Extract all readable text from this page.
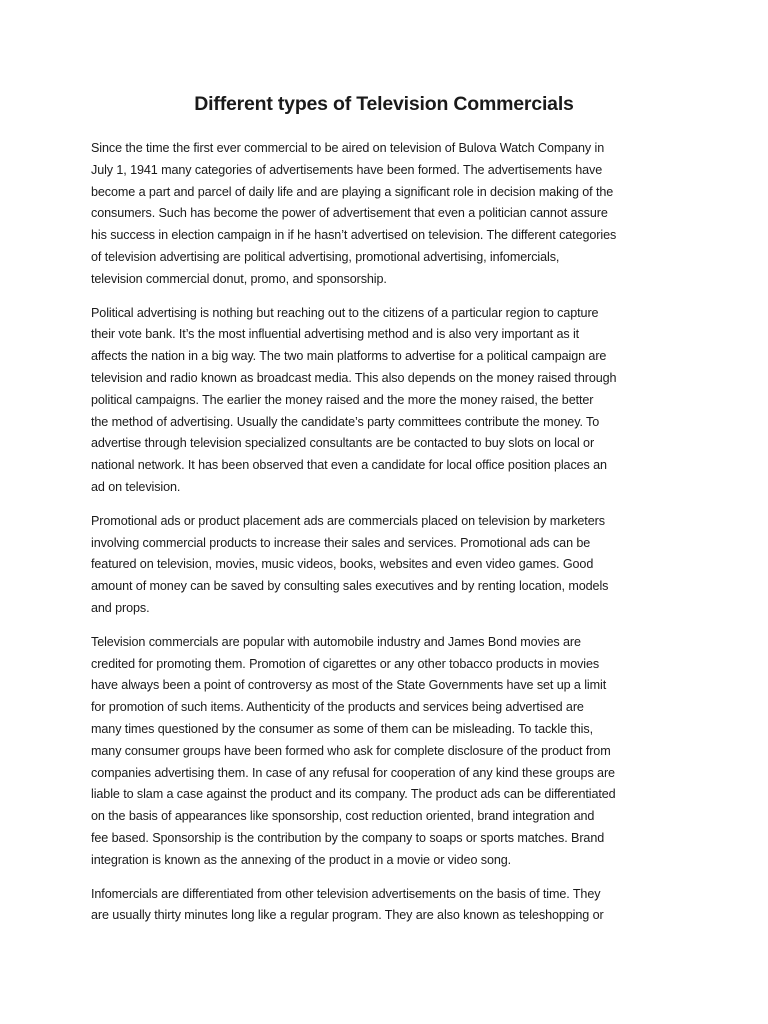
Different types of Television Commercials

Since the time the first ever commercial to be aired on television of Bulova Watch Company in
July 1, 1941 many categories of advertisements have been formed. The advertisements have
become a part and parcel of daily life and are playing a significant role in decision making of the
consumers. Such has become the power of advertisement that even a politician cannot assure
his success in election campaign in if he hasn’t advertised on television. The different categories
of television advertising are political advertising, promotional advertising, infomercials,
television commercial donut, promo, and sponsorship.

Political advertising is nothing but reaching out to the citizens of a particular region to capture
their vote bank. It’s the most influential advertising method and is also very important as it
affects the nation in a big way. The two main platforms to advertise for a political campaign are
television and radio known as broadcast media. This also depends on the money raised through
political campaigns. The earlier the money raised and the more the money raised, the better
the method of advertising. Usually the candidate’s party committees contribute the money. To
advertise through television specialized consultants are be contacted to buy slots on local or
national network. It has been observed that even a candidate for local office position places an
ad on television.

Promotional ads or product placement ads are commercials placed on television by marketers
involving commercial products to increase their sales and services. Promotional ads can be
featured on television, movies, music videos, books, websites and even video games. Good
amount of money can be saved by consulting sales executives and by renting location, models
and props.

Television commercials are popular with automobile industry and James Bond movies are
credited for promoting them. Promotion of cigarettes or any other tobacco products in movies
have always been a point of controversy as most of the State Governments have set up a limit
for promotion of such items. Authenticity of the products and services being advertised are
many times questioned by the consumer as some of them can be misleading. To tackle this,
many consumer groups have been formed who ask for complete disclosure of the product from
companies advertising them. In case of any refusal for cooperation of any kind these groups are
liable to slam a case against the product and its company. The product ads can be differentiated
on the basis of appearances like sponsorship, cost reduction oriented, brand integration and
fee based. Sponsorship is the contribution by the company to soaps or sports matches. Brand
integration is known as the annexing of the product in a movie or video song.

Infomercials are differentiated from other television advertisements on the basis of time. They
are usually thirty minutes long like a regular program. They are also known as teleshopping or
